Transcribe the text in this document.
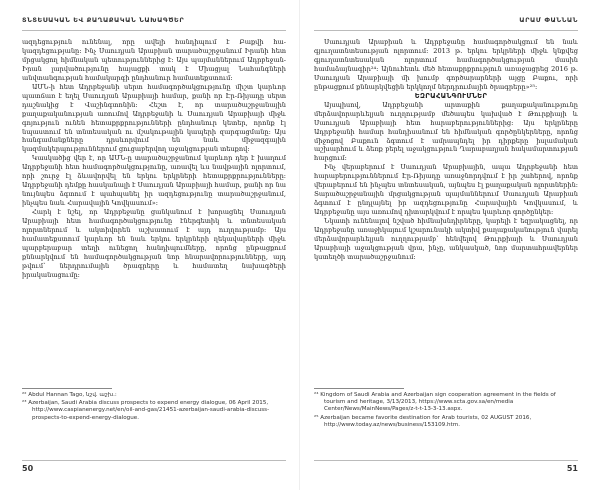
ՏՆՏԵՍԱԿԱՆ ԵՎ ՔԱՂԱՔԱԿԱՆ ՆԱԽԱԳԾԵՐ

ազդեցություն ունենալ, որը ավելի հանդիպում է Բաքվի հա-կազդեցությանը: Ինչ Սաուդյան Արաբիան տարածաշրջանում Իրանի հետ մրցակցող հիմնական պետություններից է: Այս պայմաններում Ադրբեջան-Իրան լարվածությունը հայացքի տակ է Միացյալ Նահանգների անվտանգության համակարգի ընդհանուր համատեքստում:

ԱՄՆ-ի հետ Ադրբեջանի սերտ համագործակցությունը միշտ կարևոր պատճառ է եղել Սաուդյան Արաբիայի համար, քանի որ Էր-Ռիյադը սերտ դաշնակից է Վաշինգտոնին: Հեշտ է, որ տարածաշրջանային քաղաքականության առումով Ադրբեջանի և Սաուդյան Արաբիայի միջև գոյություն ունեն հետաքրքրությունների ընդհանուր կետեր, որոնք էլ նպաստում են տնտեսական ու մշակութային կապերի զարգացմանը: Այս հանգամանքները դրսևորվում են նաև միջազգային կազմակերպություններում ցուցաբերվող աջակցության տեսքով:

Կասկածից վեր է, որ ԱՄՆ-ը տարածաշրջանում կարևոր դեր է խաղում Ադրբեջանի հետ համագործակցությունը, առավել ևս նավթային ոլորտում, որի շուրջ էլ ձևավորվել են երկու երկրների հետաքրքրությունները: Ադրբեջանի դեմքը հասկանալի է Սաուդյան Արաբիայի համար, քանի որ նա նույնպես ձգտում է պահպանել իր ազդեցությունը տարածաշրջանում, ինչպես նաև Հարավային Կովկասում»:

Հարկ է նշել, որ Ադրբեջանը ցանկանում է խորացնել Սաուդյան Արաբիայի հետ համագործակցությունը էներգետիկ և տնտեսական ոլորտներում և ակտիվորեն աշխատում է այդ ուղղությամբ: Այս համատեքստում կարևոր են նաև երկու երկրների ղեկավարների միջև պարբերաբար տեղի ունեցող հանդիպումները, որոնց ընթացքում քննարկվում են համագործակցության նոր հնարավորությունները, այդ թվում՝ ներդրումային ծրագրերը և համատեղ նախագծերի իրականացումը:

²² Abdul Hannan Tago, նշվ. աշխ.:

²³ Azerbaijan, Saudi Arabia discuss prospects to expend energy dialogue, 06 April 2015, http://www.caspianenergy.net/en/oil-and-gas/21451-azerbaijan-saudi-arabia-discuss-prospects-to-expend-energy-dialogue.

50
ԱՐԱՄ ՓԱՆՆԱՆ

Սաուդյան Արաբիան և Ադրբեջանը համագործակցում են նաև գյուղատնտեսության ոլորտում: 2013 թ. երկու երկրների միջև կնքվեց գյուղատնտեսական ոլորտում համագործակցության մասին համաձայնագիր²⁴: Այնուհետև մեծ հետաքրքրություն առաջացրեց 2016 թ. Սաուդյան Արաբիայի մի խումբ գործարարների այցը Բաքու, որի ընթացքում քննարկվեցին երկկողմ ներդրումային ծրագրերը»²⁵:

ԵԶՐԱՀԱՆԳՈՒՄՆԵՐ

Այսպիսով, Ադրբեջանի արտաքին քաղաքականությունը մերձավորարևելյան ուղղությամբ մեծապես կախված է Թուրքիայի և Սաուդյան Արաբիայի հետ հարաբերություններից: Այս երկրները Ադրբեջանի համար հանդիսանում են հիմնական գործընկերները, որոնց միջոցով Բաքուն ձգտում է ամրապնդել իր դիրքերը իսլամական աշխարհում և ձեռք բերել աջակցություն Ղարաբաղյան հակամարտության հարցում:

Ինչ վերաբերում է Սաուդյան Արաբիային, ապա Ադրբեջանի հետ հարաբերություններում Էր-Ռիյադը առաջնորդվում է իր շահերով, որոնք վերաբերում են ինչպես տնտեսական, այնպես էլ քաղաքական ոլորտներին: Տարածաշրջանային մրցակցության պայմաններում Սաուդյան Արաբիան ձգտում է ընդլայնել իր ազդեցությունը Հարավային Կովկասում, և Ադրբեջանը այս առումով դիտարկվում է որպես կարևոր գործընկեր:

Նկատի ունենալով նշված հիմնախնդիրները, կարելի է եզրակացնել, որ Ադրբեջանը առաջիկայում կշարունակի ակտիվ քաղաքականություն վարել մերձավորարևելյան ուղղությամբ՝ հենվելով Թուրքիայի և Սաուդյան Արաբիայի աջակցության վրա, ինչը, անկասկած, նոր մարտահրավերներ կստեղծի տարածաշրջանում:

²⁴ Kingdom of Saudi Arabia and Azerbaijan sign cooperation agreement in the fields of tourism and heritage, 3/13/2013, https://www.scta.gov.sa/en/media Center/News/MainNews/Pages/z-t-t-13-3-13.aspx.

²⁵ Azerbaijan became favorite destination for Arab tourists, 02 AUGUST 2016, http://www.today.az/news/business/153109.htm.

51
